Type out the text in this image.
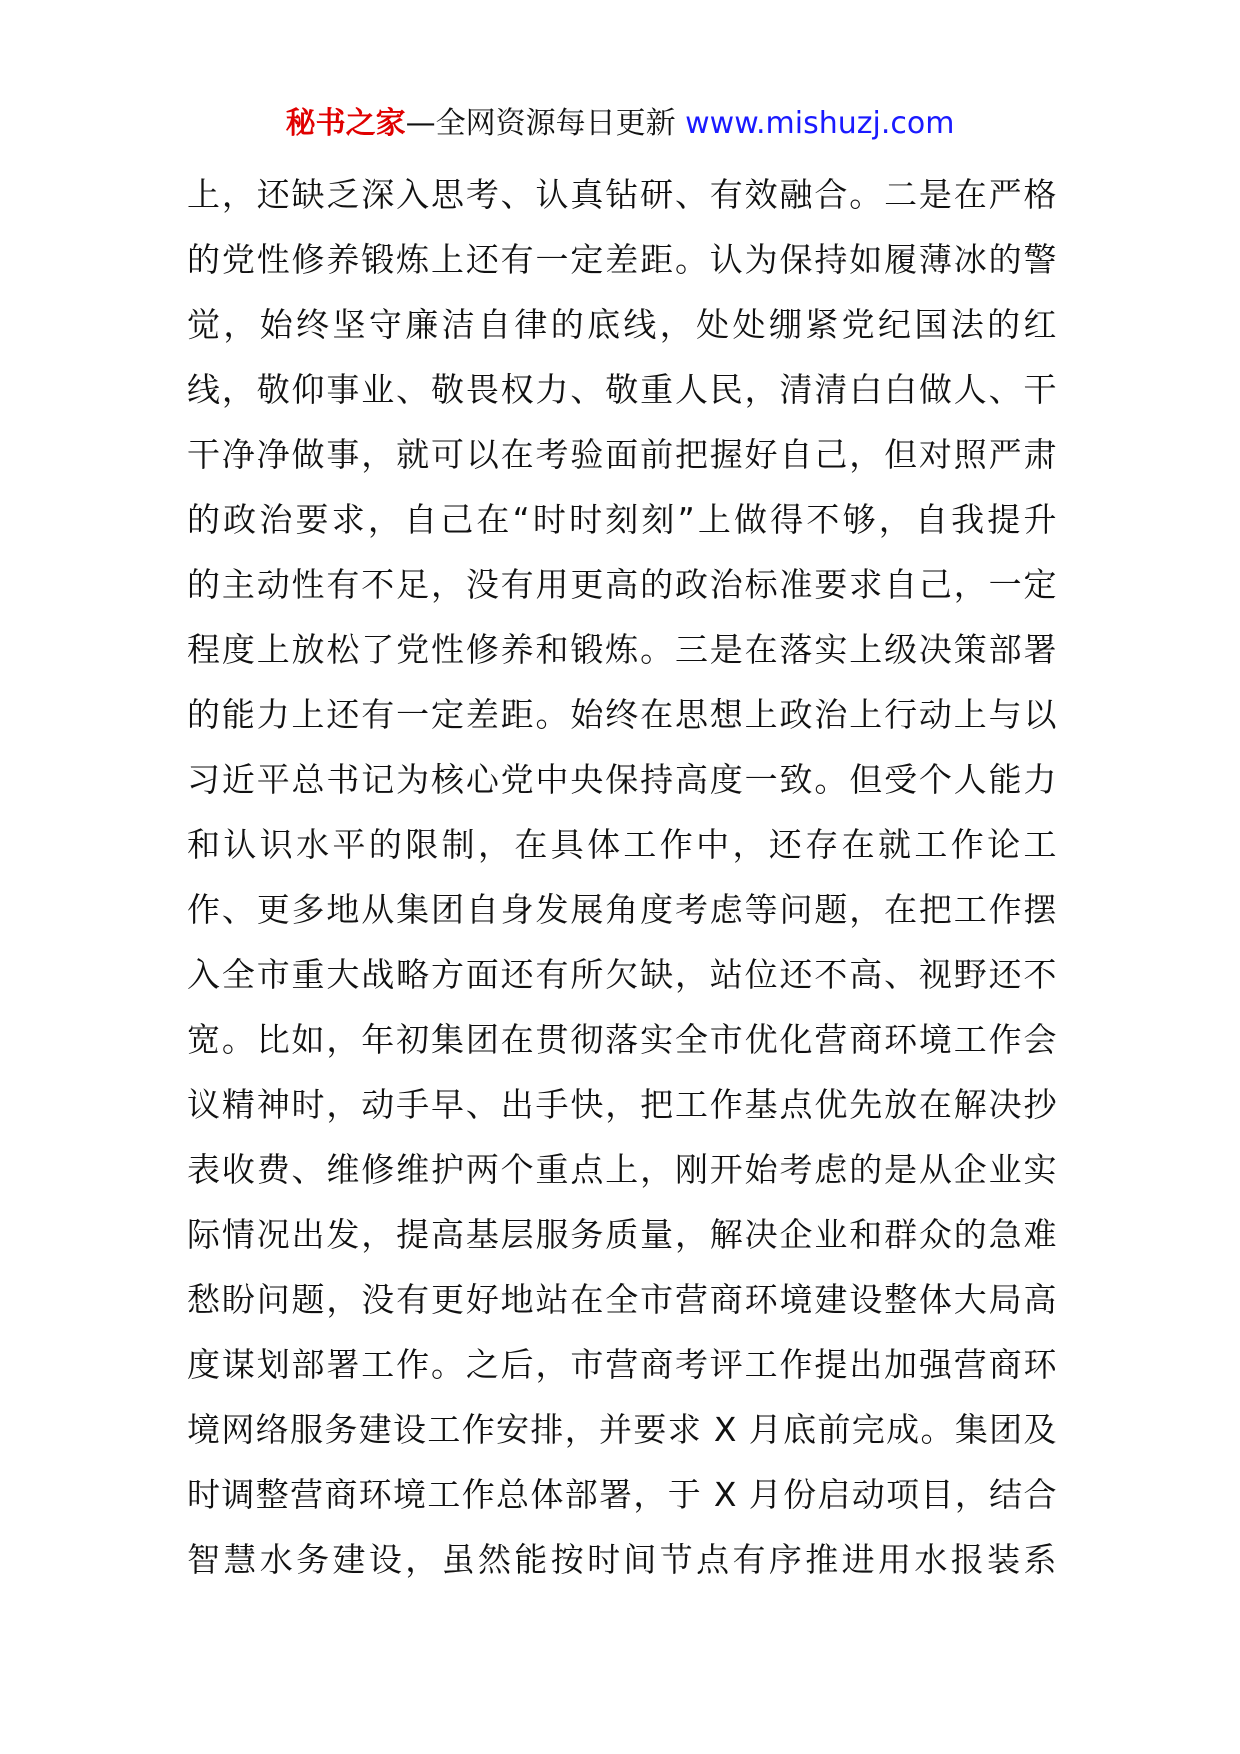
秘书之家—全网资源每日更新 www.mishuzj.com
上，还缺乏深入思考、认真钻研、有效融合。二是在严格
的党性修养锻炼上还有一定差距。认为保持如履薄冰的警
觉，始终坚守廉洁自律的底线，处处绷紧党纪国法的红
线，敬仰事业、敬畏权力、敬重人民，清清白白做人、干
干净净做事，就可以在考验面前把握好自己，但对照严肃
的政治要求，自己在“时时刻刻”上做得不够，自我提升
的主动性有不足，没有用更高的政治标准要求自己，一定
程度上放松了党性修养和锻炼。三是在落实上级决策部署
的能力上还有一定差距。始终在思想上政治上行动上与以
习近平总书记为核心党中央保持高度一致。但受个人能力
和认识水平的限制，在具体工作中，还存在就工作论工
作、更多地从集团自身发展角度考虑等问题，在把工作摆
入全市重大战略方面还有所欠缺，站位还不高、视野还不
宽。比如，年初集团在贯彻落实全市优化营商环境工作会
议精神时，动手早、出手快，把工作基点优先放在解决抄
表收费、维修维护两个重点上，刚开始考虑的是从企业实
际情况出发，提高基层服务质量，解决企业和群众的急难
愁盼问题，没有更好地站在全市营商环境建设整体大局高
度谋划部署工作。之后，市营商考评工作提出加强营商环
境网络服务建设工作安排，并要求 X 月底前完成。集团及
时调整营商环境工作总体部署，于 X 月份启动项目，结合
智慧水务建设，虽然能按时间节点有序推进用水报装系
